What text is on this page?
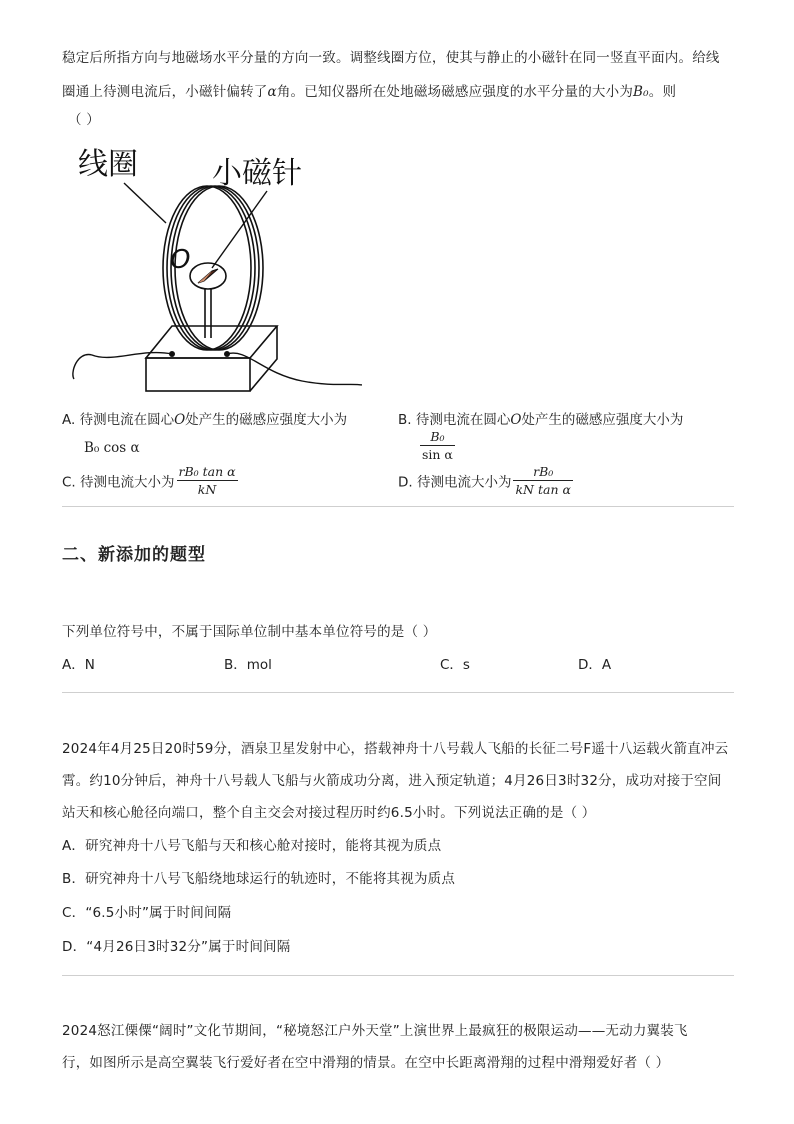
稳定后所指方向与地磁场水平分量的方向一致。调整线圈方位，使其与静止的小磁针在同一竖直平面内。给线
圈通上待测电流后，小磁针偏转了α角。已知仪器所在处地磁场磁感应强度的水平分量的大小为B₀。则
（ ）
线圈 小磁针
O
A. 待测电流在圆心O处产生的磁感应强度大小为
B₀ cos α
B. 待测电流在圆心O处产生的磁感应强度大小为
$\frac{\text{B₀}}{\text{sin α}}$
C. 待测电流大小为 $\frac{\text{rB₀ tan α}}{kN}$	D. 待测电流大小为 $\frac{\text{rB₀}}{\text{kN tan α}}$
二、新添加的题型
下列单位符号中，不属于国际单位制中基本单位符号的是（ ）
A．N	B．mol	C．s	D．A
2024年4月25日20时59分，酒泉卫星发射中心，搭载神舟十八号载人飞船的长征二号F遥十八运载火箭直冲云
霄。约10分钟后，神舟十八号载人飞船与火箭成功分离，进入预定轨道；4月26日3时32分，成功对接于空间
站天和核心舱径向端口，整个自主交会对接过程历时约6.5小时。下列说法正确的是（ ）
A．研究神舟十八号飞船与天和核心舱对接时，能将其视为质点
B．研究神舟十八号飞船绕地球运行的轨迹时，不能将其视为质点
C．“6.5小时”属于时间间隔
D．“4月26日3时32分”属于时间间隔
2024怒江傈僳“阔时”文化节期间，“秘境怒江户外天堂”上演世界上最疯狂的极限运动——无动力翼装飞
行，如图所示是高空翼装飞行爱好者在空中滑翔的情景。在空中长距离滑翔的过程中滑翔爱好者（ ）
